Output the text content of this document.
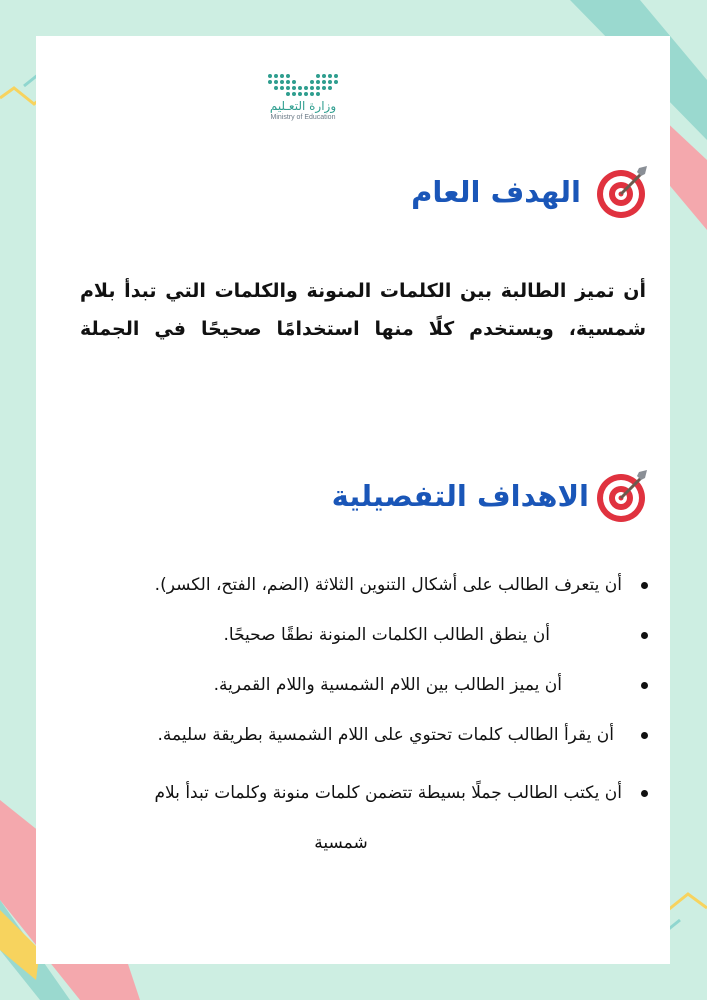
وزارة التعـليم
Ministry of Education
الهدف العام
أن تميز الطالبة بين الكلمات المنونة والكلمات التي تبدأ بلام
شمسية، ويستخدم كلًا منها استخدامًا صحيحًا في الجملة
الاهداف التفصيلية
أن يتعرف الطالب على أشكال التنوين الثلاثة (الضم، الفتح، الكسر).
أن ينطق الطالب الكلمات المنونة نطقًا صحيحًا.
أن يميز الطالب بين اللام الشمسية واللام القمرية.
أن يقرأ الطالب كلمات تحتوي على اللام الشمسية بطريقة سليمة.
أن يكتب الطالب جملًا بسيطة تتضمن كلمات منونة وكلمات تبدأ بلام
شمسية
